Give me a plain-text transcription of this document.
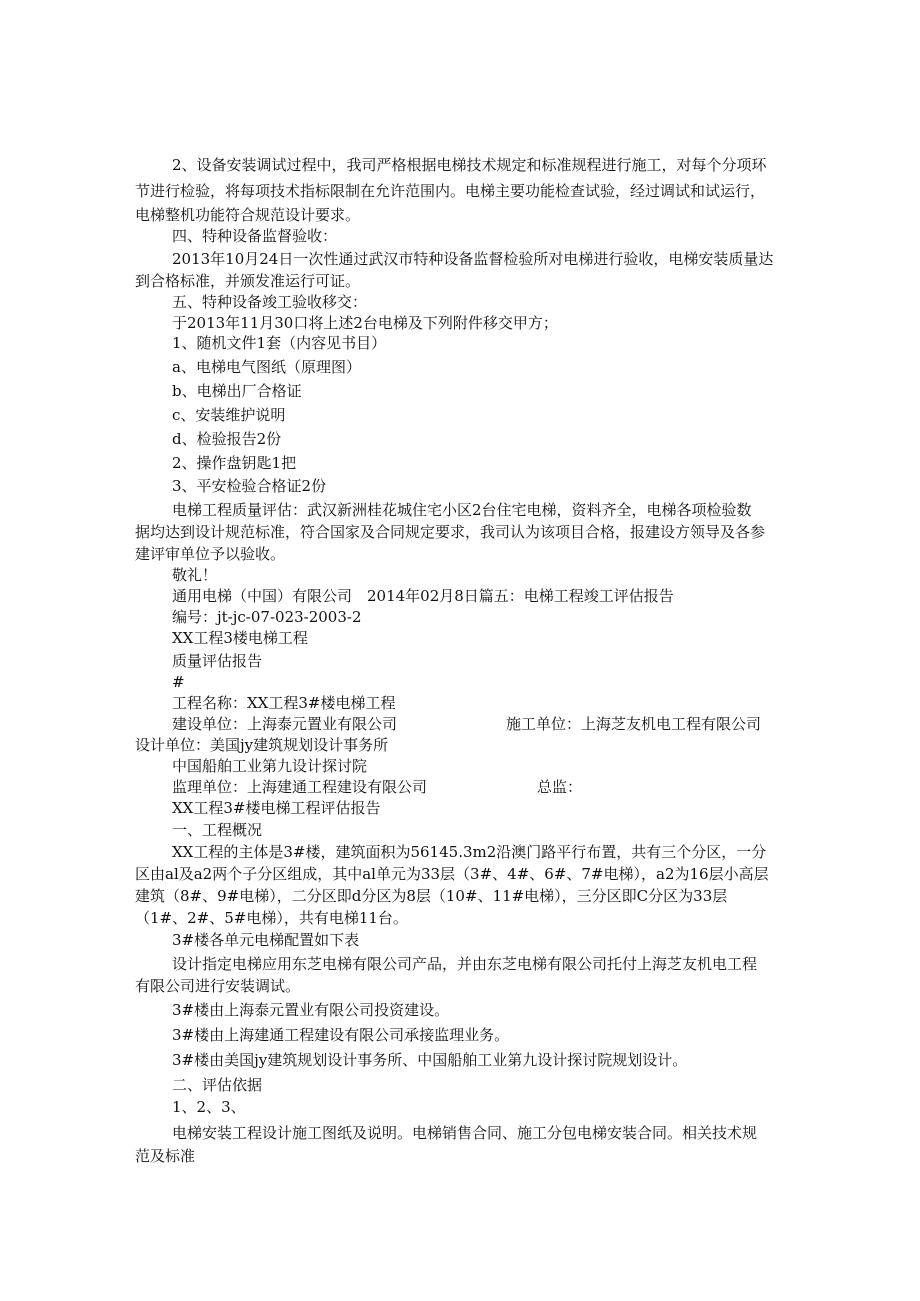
2、设备安装调试过程中，我司严格根据电梯技术规定和标准规程进行施工，对每个分项环
节进行检验，将每项技术指标限制在允许范围内。电梯主要功能检查试验，经过调试和试运行，
电梯整机功能符合规范设计要求。
四、特种设备监督验收：
2013年10月24日一次性通过武汉市特种设备监督检验所对电梯进行验收，电梯安装质量达
到合格标准，并颁发准运行可证。
五、特种设备竣工验收移交：
于2013年11月30口将上述2台电梯及下列附件移交甲方；
1、随机文件1套（内容见书目）
a、电梯电气图纸（原理图）
b、电梯出厂合格证
c、安装维护说明
d、检验报告2份
2、操作盘钥匙1把
3、平安检验合格证2份
电梯工程质量评估：武汉新洲桂花城住宅小区2台住宅电梯，资料齐全，电梯各项检验数
据均达到设计规范标准，符合国家及合同规定要求，我司认为该项目合格，报建设方领导及各参
建评审单位予以验收。
敬礼！
通用电梯（中国）有限公司　2014年02月8日篇五：电梯工程竣工评估报告
编号：jt-jc-07-023-2003-2
XX工程3楼电梯工程
质量评估报告
#
工程名称：XX工程3#楼电梯工程
建设单位：上海泰元置业有限公司	施工单位：上海芝友机电工程有限公司
设计单位：美国jy建筑规划设计事务所
中国船舶工业第九设计探讨院
监理单位：上海建通工程建设有限公司	总监：
XX工程3#楼电梯工程评估报告
一、工程概况
XX工程的主体是3#楼，建筑面积为56145.3m2沿澳门路平行布置，共有三个分区，一分
区由al及a2两个子分区组成，其中al单元为33层（3#、4#、6#、7#电梯），a2为16层小高层
建筑（8#、9#电梯），二分区即d分区为8层（10#、11#电梯），三分区即C分区为33层
（1#、2#、5#电梯），共有电梯11台。
3#楼各单元电梯配置如下表
设计指定电梯应用东芝电梯有限公司产品，并由东芝电梯有限公司托付上海芝友机电工程
有限公司进行安装调试。
3#楼由上海泰元置业有限公司投资建设。
3#楼由上海建通工程建设有限公司承接监理业务。
3#楼由美国jy建筑规划设计事务所、中国船舶工业第九设计探讨院规划设计。
二、评估依据
1、2、3、
电梯安装工程设计施工图纸及说明。电梯销售合同、施工分包电梯安装合同。相关技术规
范及标准
